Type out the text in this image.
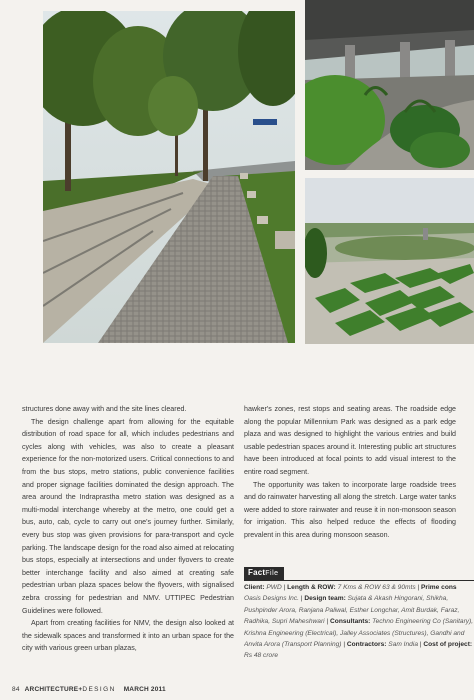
structures done away with and the site lines cleared.

The design challenge apart from allowing for the equitable distribution of road space for all, which includes pedestrians and cycles along with vehicles, was also to create a pleasant experience for the non-motorized users. Critical connections to and from the bus stops, metro stations, public convenience facilities and proper signage facilities dominated the design approach. The area around the Indraprastha metro station was designed as a multi-modal interchange whereby at the metro, one could get a bus, auto, cab, cycle to carry out one's journey further. Similarly, every bus stop was given provisions for para-transport and cycle parking. The landscape design for the road also aimed at relocating bus stops, especially at intersections and under flyovers to create better interchange facility and also aimed at creating safe pedestrian urban plaza spaces below the flyovers, with signalised zebra crossing for pedestrian and NMV. UTTIPEC Pedestrian Guidelines were followed.

Apart from creating facilities for NMV, the design also looked at the sidewalk spaces and transformed it into an urban space for the city with various green urban plazas,

hawker's zones, rest stops and seating areas. The roadside edge along the popular Millennium Park was designed as a park edge plaza and was designed to highlight the various entries and build usable pedestrian spaces around it. Interesting public art structures have been introduced at focal points to add visual interest to the entire road segment.

The opportunity was taken to incorporate large roadside trees and do rainwater harvesting all along the stretch. Large water tanks were added to store rainwater and reuse it in non-monsoon season for irrigation. This also helped reduce the effects of flooding prevalent in this area during monsoon season.

FactFile
Client: PWD | Length & ROW: 7 Kms & ROW 63 & 90mts | Prime cons Oasis Designs Inc. | Design team: Sujata & Akash Hingorani, Shikha, Pushpinder Arora, Ranjana Paliwal, Esther Longchar, Amit Burdak, Faraz, Radhika, Supri Maheshwari | Consultants: Techno Engineering Co (Sanitary), Krishna Engineering (Electrical), Jalley Associates (Structures), Gandhi and Anvita Arora (Transport Planning) | Contractors: Sam India | Cost of project: Rs 48 crore
84 ARCHITECTURE+DESIGN MARCH 2011
